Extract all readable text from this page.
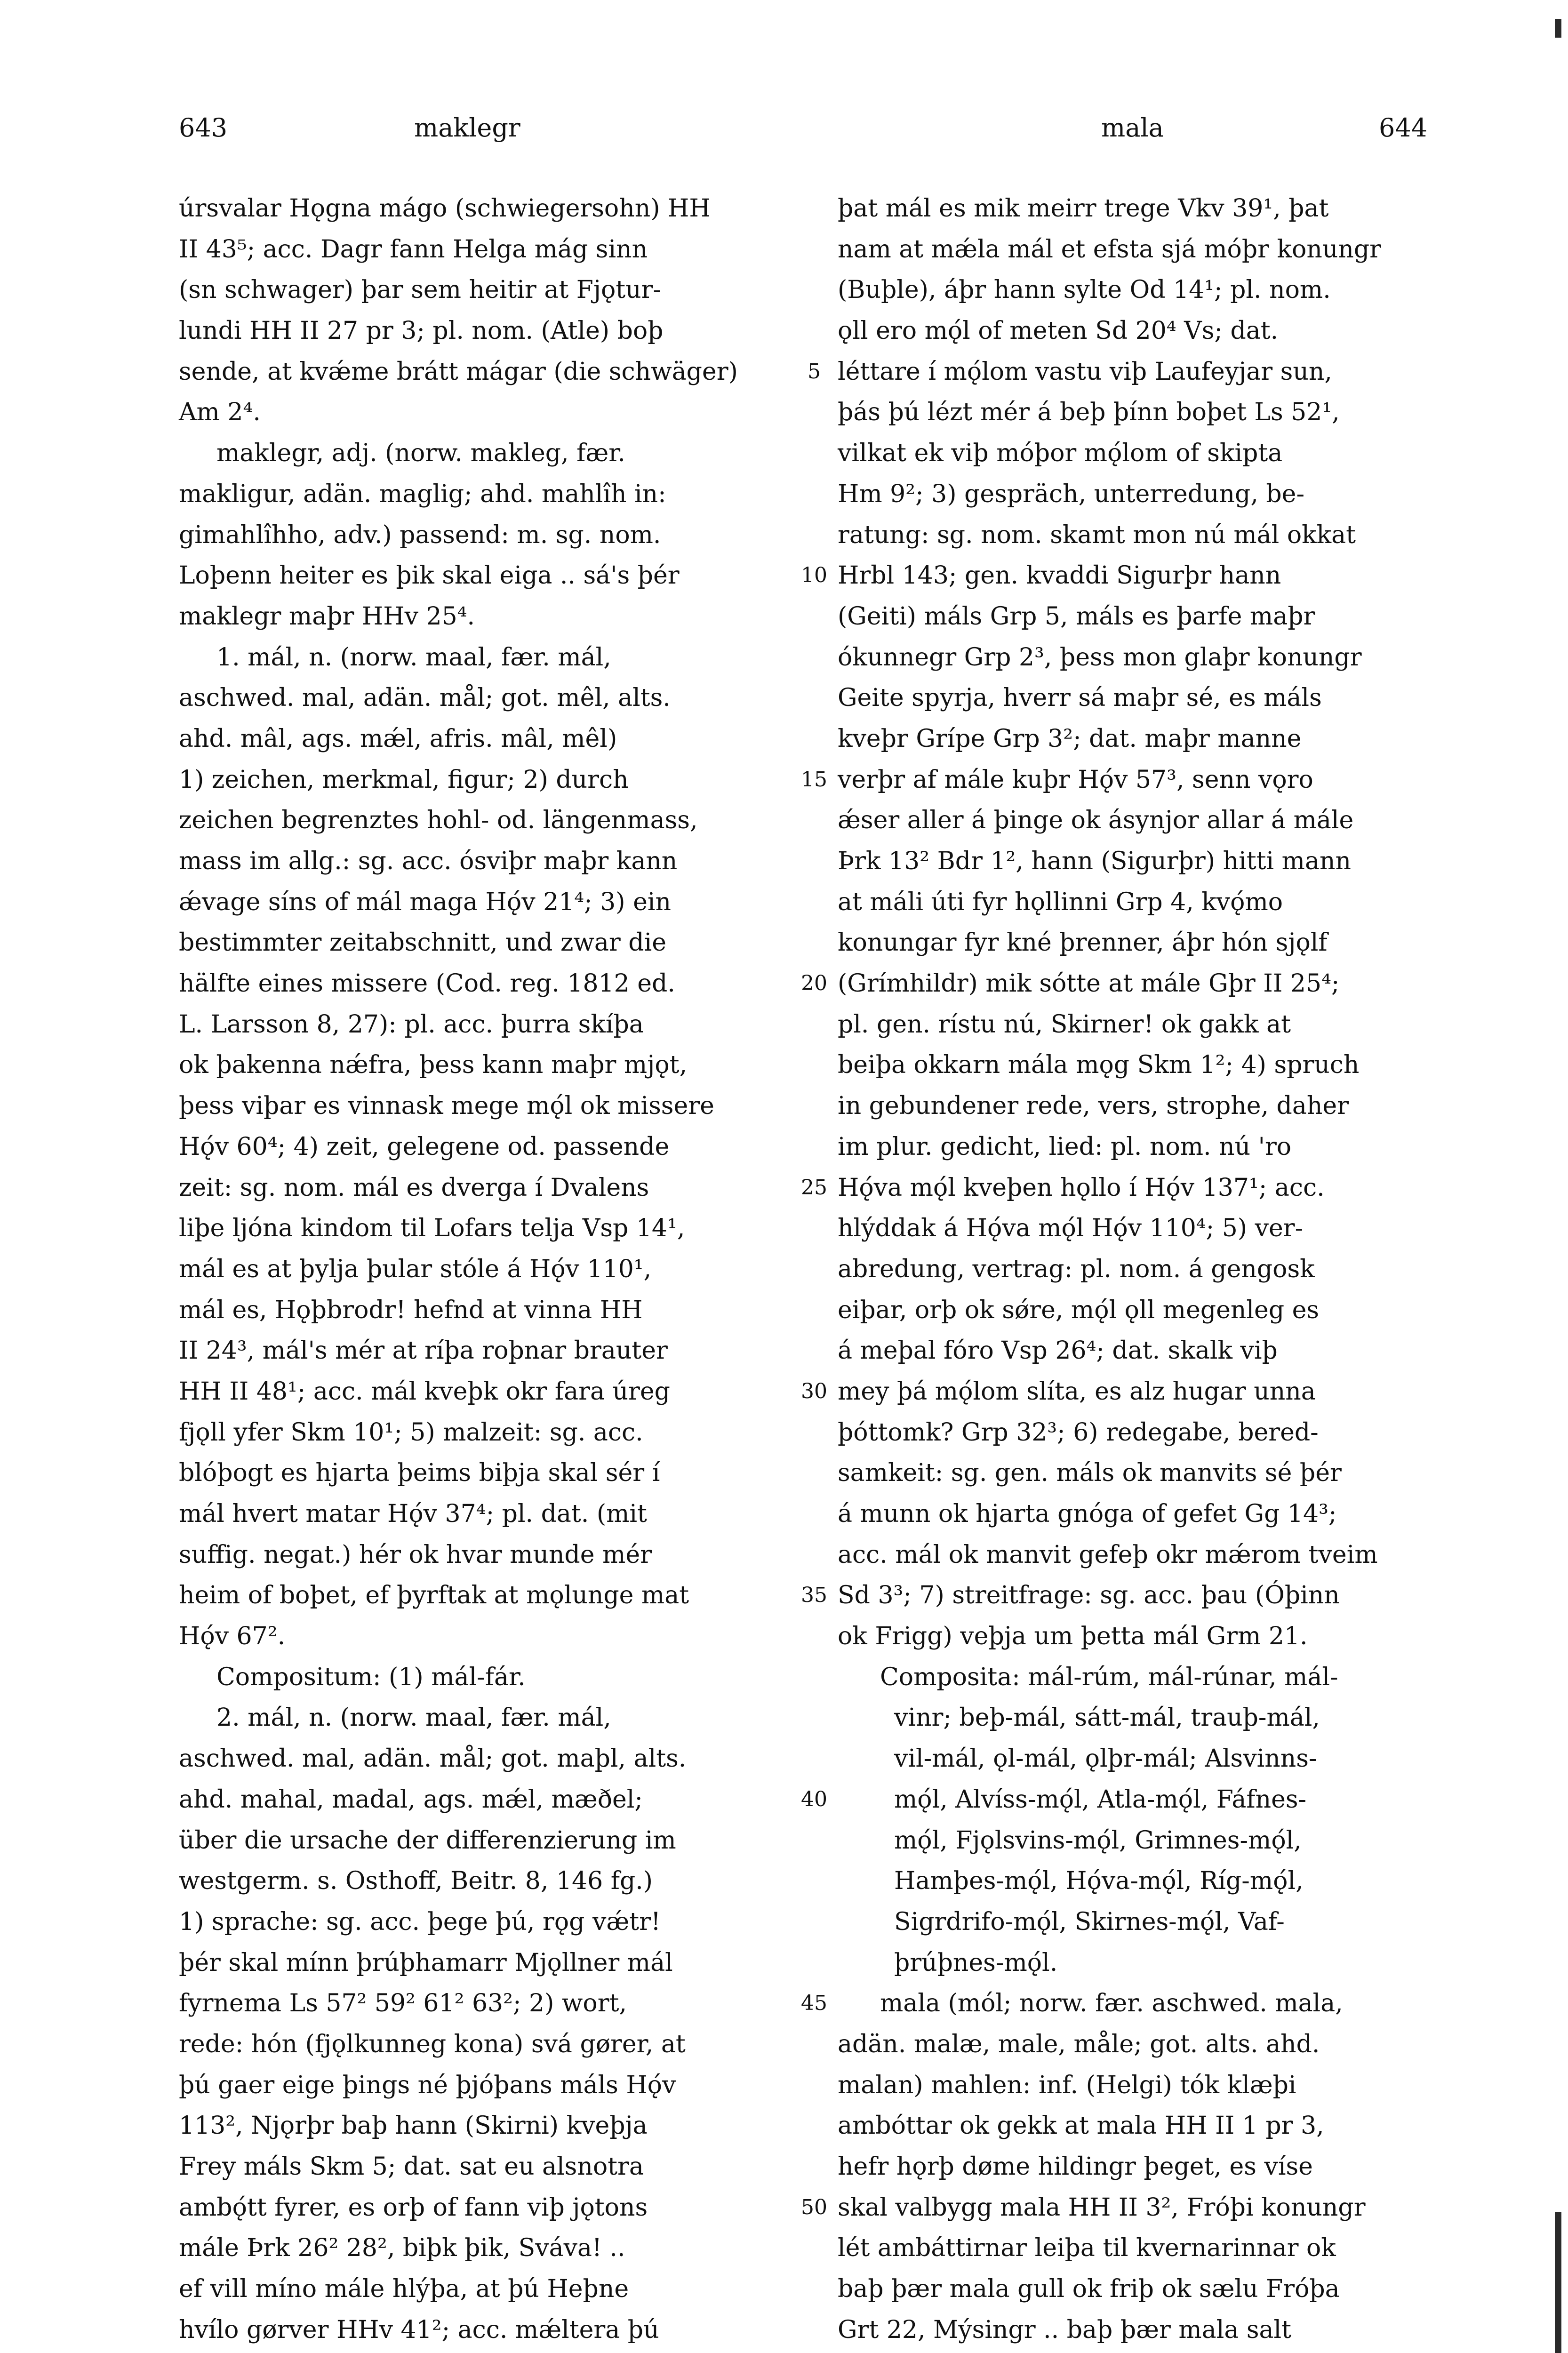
643	maklegr	mala	644
úrsvalar Hǫgna mágo (schwiegersohn) HH
II 43⁵; acc. Dagr fann Helga mág sinn
(sn schwager) þar sem heitir at Fjǫtur-
lundi HH II 27 pr 3; pl. nom. (Atle) boþ
sende, at kvǽme brátt mágar (die schwäger)
Am 2⁴.
maklegr, adj. (norw. makleg, fær.
makligur, adän. maglig; ahd. mahlîh in:
gimahlîhho, adv.) passend: m. sg. nom.
Loþenn heiter es þik skal eiga .. sá's þér
maklegr maþr HHv 25⁴.
1. mál, n. (norw. maal, fær. mál,
aschwed. mal, adän. mål; got. mêl, alts.
ahd. mâl, ags. mǽl, afris. mâl, mêl)
1) zeichen, merkmal, figur; 2) durch
zeichen begrenztes hohl- od. längenmass,
mass im allg.: sg. acc. ósviþr maþr kann
ǽvage síns of mál maga Hǫ́v 21⁴; 3) ein
bestimmter zeitabschnitt, und zwar die
hälfte eines missere (Cod. reg. 1812 ed.
L. Larsson 8, 27): pl. acc. þurra skíþa
ok þakenna nǽfra, þess kann maþr mjǫt,
þess viþar es vinnask mege mǫ́l ok missere
Hǫ́v 60⁴; 4) zeit, gelegene od. passende
zeit: sg. nom. mál es dverga í Dvalens
liþe ljóna kindom til Lofars telja Vsp 14¹,
mál es at þylja þular stóle á Hǫ́v 110¹,
mál es, Hǫþbrodr! hefnd at vinna HH
II 24³, mál's mér at ríþa roþnar brauter
HH II 48¹; acc. mál kveþk okr fara úreg
fjǫll yfer Skm 10¹; 5) malzeit: sg. acc.
blóþogt es hjarta þeims biþja skal sér í
mál hvert matar Hǫ́v 37⁴; pl. dat. (mit
suffig. negat.) hér ok hvar munde mér
heim of boþet, ef þyrftak at mǫlunge mat
Hǫ́v 67².
Compositum: (1) mál-fár.
2. mál, n. (norw. maal, fær. mál,
aschwed. mal, adän. mål; got. maþl, alts.
ahd. mahal, madal, ags. mǽl, mæðel;
über die ursache der differenzierung im
westgerm. s. Osthoff, Beitr. 8, 146 fg.)
1) sprache: sg. acc. þege þú, rǫg vǽtr!
þér skal mínn þrúþhamarr Mjǫllner mál
fyrnema Ls 57² 59² 61² 63²; 2) wort,
rede: hón (fjǫlkunneg kona) svá gører, at
þú gaer eige þings né þjóþans máls Hǫ́v
113², Njǫrþr baþ hann (Skirni) kveþja
Frey máls Skm 5; dat. sat eu alsnotra
ambǫ́tt fyrer, es orþ of fann viþ jǫtons
mále Þrk 26² 28², biþk þik, Sváva! ..
ef vill míno mále hlýþa, at þú Heþne
hvílo gørver HHv 41²; acc. mǽltera þú
5
10
15
20
25
30
35
40
45
50
þat mál es mik meirr trege Vkv 39¹, þat
nam at mǽla mál et efsta sjá móþr konungr
(Buþle), áþr hann sylte Od 14¹; pl. nom.
ǫll ero mǫ́l of meten Sd 20⁴ Vs; dat.
léttare í mǫ́lom vastu viþ Laufeyjar sun,
þás þú lézt mér á beþ þínn boþet Ls 52¹,
vilkat ek viþ móþor mǫ́lom of skipta
Hm 9²; 3) gespräch, unterredung, be-
ratung: sg. nom. skamt mon nú mál okkat
Hrbl 143; gen. kvaddi Sigurþr hann
(Geiti) máls Grp 5, máls es þarfe maþr
ókunnegr Grp 2³, þess mon glaþr konungr
Geite spyrja, hverr sá maþr sé, es máls
kveþr Grípe Grp 3²; dat. maþr manne
verþr af mále kuþr Hǫ́v 57³, senn vǫro
ǽser aller á þinge ok ásynjor allar á mále
Þrk 13² Bdr 1², hann (Sigurþr) hitti mann
at máli úti fyr hǫllinni Grp 4, kvǫ́mo
konungar fyr kné þrenner, áþr hón sjǫlf
(Grímhildr) mik sótte at mále Gþr II 25⁴;
pl. gen. rístu nú, Skirner! ok gakk at
beiþa okkarn mála mǫg Skm 1²; 4) spruch
in gebundener rede, vers, strophe, daher
im plur. gedicht, lied: pl. nom. nú 'ro
Hǫ́va mǫ́l kveþen hǫllo í Hǫ́v 137¹; acc.
hlýddak á Hǫ́va mǫ́l Hǫ́v 110⁴; 5) ver-
abredung, vertrag: pl. nom. á gengosk
eiþar, orþ ok sǿre, mǫ́l ǫll megenleg es
á meþal fóro Vsp 26⁴; dat. skalk viþ
mey þá mǫ́lom slíta, es alz hugar unna
þóttomk? Grp 32³; 6) redegabe, bered-
samkeit: sg. gen. máls ok manvits sé þér
á munn ok hjarta gnóga of gefet Gg 14³;
acc. mál ok manvit gefeþ okr mǽrom tveim
Sd 3³; 7) streitfrage: sg. acc. þau (Óþinn
ok Frigg) veþja um þetta mál Grm 21.
Composita: mál-rúm, mál-rúnar, mál-
vinr; beþ-mál, sátt-mál, trauþ-mál,
vil-mál, ǫl-mál, ǫlþr-mál; Alsvinns-
mǫ́l, Alvíss-mǫ́l, Atla-mǫ́l, Fáfnes-
mǫ́l, Fjǫlsvins-mǫ́l, Grimnes-mǫ́l,
Hamþes-mǫ́l, Hǫ́va-mǫ́l, Ríg-mǫ́l,
Sigrdrifo-mǫ́l, Skirnes-mǫ́l, Vaf-
þrúþnes-mǫ́l.
mala (mól; norw. fær. aschwed. mala,
adän. malæ, male, måle; got. alts. ahd.
malan) mahlen: inf. (Helgi) tók klæþi
ambóttar ok gekk at mala HH II 1 pr 3,
hefr hǫrþ døme hildingr þeget, es víse
skal valbygg mala HH II 3², Fróþi konungr
lét ambáttirnar leiþa til kvernarinnar ok
baþ þær mala gull ok friþ ok sælu Fróþa
Grt 22, Mýsingr .. baþ þær mala salt
